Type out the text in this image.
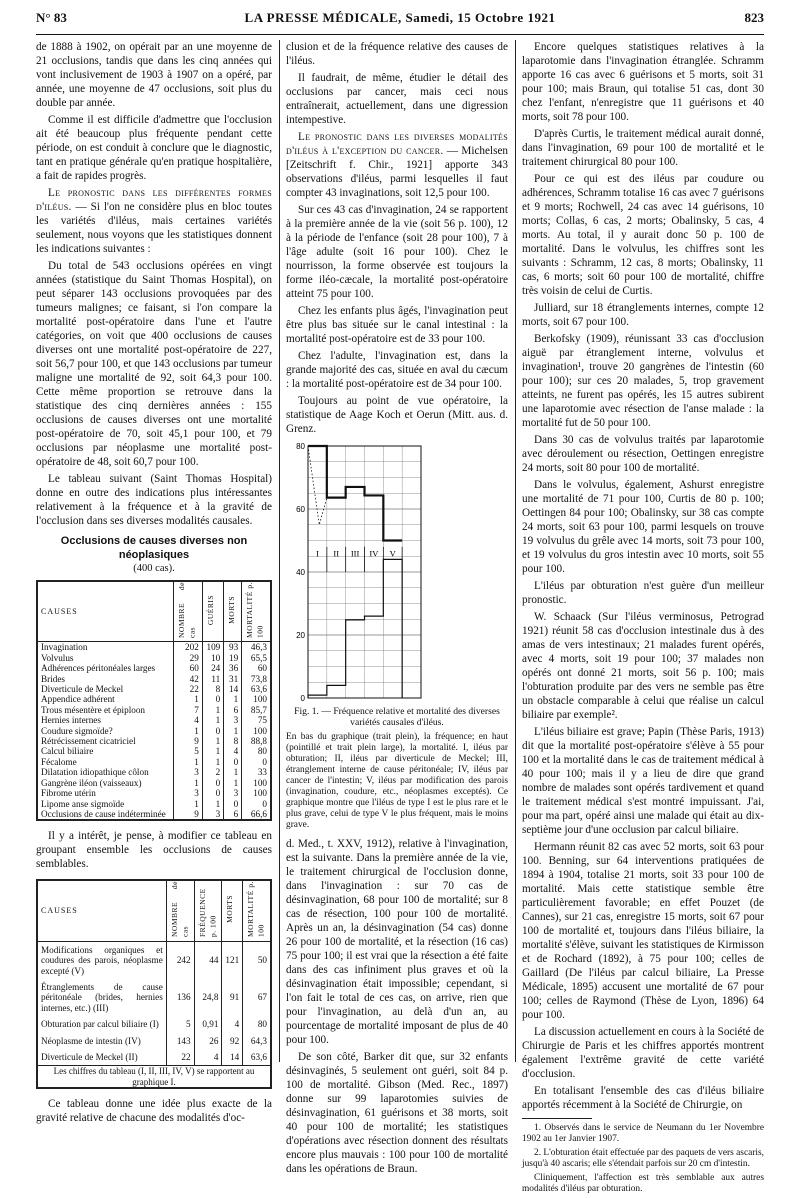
N° 83	LA PRESSE MÉDICALE, Samedi, 15 Octobre 1921	823

de 1888 à 1902, on opérait par an une moyenne de 21 occlusions, tandis que dans les cinq années qui vont inclusivement de 1903 à 1907 on a opéré, par année, une moyenne de 47 occlusions, soit plus du double par année.

Comme il est difficile d'admettre que l'occlusion ait été beaucoup plus fréquente pendant cette période, on est conduit à conclure que le diagnostic, tant en pratique générale qu'en pratique hospitalière, a fait de rapides progrès.

Le pronostic dans les différentes formes d'iléus. — Si l'on ne considère plus en bloc toutes les variétés d'iléus, mais certaines variétés seulement, nous voyons que les statistiques donnent les indications suivantes :

Du total de 543 occlusions opérées en vingt années (statistique du Saint Thomas Hospital), on peut séparer 143 occlusions provoquées par des tumeurs malignes; ce faisant, si l'on compare la mortalité post-opératoire dans l'une et l'autre catégories, on voit que 400 occlusions de causes diverses ont une mortalité post-opératoire de 227, soit 56,7 pour 100, et que 143 occlusions par tumeur maligne une mortalité de 92, soit 64,3 pour 100. Cette même proportion se retrouve dans la statistique des cinq dernières années : 155 occlusions de causes diverses ont une mortalité post-opératoire de 70, soit 45,1 pour 100, et 79 occlusions par néoplasme une mortalité post-opératoire de 48, soit 60,7 pour 100.

Le tableau suivant (Saint Thomas Hospital) donne en outre des indications plus intéressantes relativement à la fréquence et à la gravité de l'occlusion dans ses diverses modalités causales.

Occlusions de causes diverses non néoplasiques
(400 cas).
CAUSES	NOMBRE de cas	GUÉRIS	MORTS	MORTALITÉ p. 100
Invagination	202	109	93	46,3
Volvulus	29	10	19	65,5
Adhérences péritonéales larges	60	24	36	60
Brides	42	11	31	73,8
Diverticule de Meckel	22	8	14	63,6
Appendice adhérent	1	0	1	100
Trous mésentère et épiploon	7	1	6	85,7
Hernies internes	4	1	3	75
Coudure sigmoïde?	1	0	1	100
Rétrécissement cicatriciel	9	1	8	88,8
Calcul biliaire	5	1	4	80
Fécalome	1	1	0	0
Dilatation idiopathique côlon	3	2	1	33
Gangrène iléon (vaisseaux)	1	0	1	100
Fibrome utérin	3	0	3	100
Lipome anse sigmoïde	1	1	0	0
Occlusions de cause indéterminée	9	3	6	66,6

Il y a intérêt, je pense, à modifier ce tableau en groupant ensemble les occlusions de causes semblables.

CAUSES	NOMBRE de cas	FRÉQUENCE p. 100	MORTS	MORTALITÉ p. 100
Modifications organiques et coudures des parois, néoplasme excepté (V)	242	44	121	50
Étranglements de cause péritonéale (brides, hernies internes, etc.) (III)	136	24,8	91	67
Obturation par calcul biliaire (I)	5	0,91	4	80
Néoplasme de intestin (IV)	143	26	92	64,3
Diverticule de Meckel (II)	22	4	14	63,6
Les chiffres du tableau (I, II, III, IV, V) se rapportent au graphique I.				

Ce tableau donne une idée plus exacte de la gravité relative de chacune des modalités d'oc-

clusion et de la fréquence relative des causes de l'iléus.

Il faudrait, de même, étudier le détail des occlusions par cancer, mais ceci nous entraînerait, actuellement, dans une digression intempestive.

Le pronostic dans les diverses modalités d'iléus à l'exception du cancer. — Michelsen [Zeitschrift f. Chir., 1921] apporte 343 observations d'iléus, parmi lesquelles il faut compter 43 invaginations, soit 12,5 pour 100.

Sur ces 43 cas d'invagination, 24 se rapportent à la première année de la vie (soit 56 p. 100), 12 à la période de l'enfance (soit 28 pour 100), 7 à l'âge adulte (soit 16 pour 100). Chez le nourrisson, la forme observée est toujours la forme iléo-cæcale, la mortalité post-opératoire atteint 75 pour 100.

Chez les enfants plus âgés, l'invagination peut être plus bas située sur le canal intestinal : la mortalité post-opératoire est de 33 pour 100.

Chez l'adulte, l'invagination est, dans la grande majorité des cas, située en aval du cæcum : la mortalité post-opératoire est de 34 pour 100.

Toujours au point de vue opératoire, la statistique de Aage Koch et Oerun (Mitt. aus. d. Grenz.

0
20
40
60
80
I II III IV V
Fig. 1. — Fréquence relative et mortalité des diverses variétés causales d'iléus.
En bas du graphique (trait plein), la fréquence; en haut (pointillé et trait plein large), la mortalité. I, iléus par obturation; II, iléus par diverticule de Meckel; III, étranglement interne de cause péritonéale; IV, iléus par cancer de l'intestin; V, iléus par modification des parois (invagination, coudure, etc., néoplasmes exceptés). Ce graphique montre que l'iléus de type I est le plus rare et le plus grave, celui de type V le plus fréquent, mais le moins grave.

d. Med., t. XXV, 1912), relative à l'invagination, est la suivante. Dans la première année de la vie, le traitement chirurgical de l'occlusion donne, dans l'invagination : sur 70 cas de désinvagination, 68 pour 100 de mortalité; sur 8 cas de résection, 100 pour 100 de mortalité. Après un an, la désinvagination (54 cas) donne 26 pour 100 de mortalité, et la résection (16 cas) 75 pour 100; il est vrai que la résection a été faite dans des cas infiniment plus graves et où la désinvagination était impossible; cependant, si l'on fait le total de ces cas, on arrive, rien que pour l'invagination, au delà d'un an, au pourcentage de mortalité imposant de plus de 40 pour 100.

De son côté, Barker dit que, sur 32 enfants désinvaginés, 5 seulement ont guéri, soit 84 p. 100 de mortalité. Gibson (Med. Rec., 1897) donne sur 99 laparotomies suivies de désinvagination, 61 guérisons et 38 morts, soit 40 pour 100 de mortalité; les statistiques d'opérations avec résection donnent des résultats encore plus mauvais : 100 pour 100 de mortalité dans les opérations de Braun.

Encore quelques statistiques relatives à la laparotomie dans l'invagination étranglée. Schramm apporte 16 cas avec 6 guérisons et 5 morts, soit 31 pour 100; mais Braun, qui totalise 51 cas, dont 30 chez l'enfant, n'enregistre que 11 guérisons et 40 morts, soit 78 pour 100.

D'après Curtis, le traitement médical aurait donné, dans l'invagination, 69 pour 100 de mortalité et le traitement chirurgical 80 pour 100.

Pour ce qui est des iléus par coudure ou adhérences, Schramm totalise 16 cas avec 7 guérisons et 9 morts; Rochwell, 24 cas avec 14 guérisons, 10 morts; Collas, 6 cas, 2 morts; Obalinsky, 5 cas, 4 morts. Au total, il y aurait donc 50 p. 100 de mortalité. Dans le volvulus, les chiffres sont les suivants : Schramm, 12 cas, 8 morts; Obalinsky, 11 cas, 6 morts; soit 60 pour 100 de mortalité, chiffre très voisin de celui de Curtis.

Julliard, sur 18 étranglements internes, compte 12 morts, soit 67 pour 100.

Berkofsky (1909), réunissant 33 cas d'occlusion aiguë par étranglement interne, volvulus et invagination¹, trouve 20 gangrènes de l'intestin (60 pour 100); sur ces 20 malades, 5, trop gravement atteints, ne furent pas opérés, les 15 autres subirent une laparotomie avec résection de l'anse malade : la mortalité fut de 50 pour 100.

Dans 30 cas de volvulus traités par laparotomie avec déroulement ou résection, Oettingen enregistre 24 morts, soit 80 pour 100 de mortalité.

Dans le volvulus, également, Ashurst enregistre une mortalité de 71 pour 100, Curtis de 80 p. 100; Oettingen 84 pour 100; Obalinsky, sur 38 cas compte 24 morts, soit 63 pour 100, parmi lesquels on trouve 19 volvulus du grêle avec 14 morts, soit 73 pour 100, et 19 volvulus du gros intestin avec 10 morts, soit 55 pour 100.

L'iléus par obturation n'est guère d'un meilleur pronostic.

W. Schaack (Sur l'iléus verminosus, Petrograd 1921) réunit 58 cas d'occlusion intestinale dus à des amas de vers intestinaux; 21 malades furent opérés, avec 4 morts, soit 19 pour 100; 37 malades non opérés ont donné 21 morts, soit 56 p. 100; mais l'obturation produite par des vers ne semble pas être un obstacle comparable à celui que réalise un calcul biliaire par exemple².

L'iléus biliaire est grave; Papin (Thèse Paris, 1913) dit que la mortalité post-opératoire s'élève à 55 pour 100 et la mortalité dans le cas de traitement médical à 40 pour 100; mais il y a lieu de dire que grand nombre de malades sont opérés tardivement et quand le traitement médical s'est montré impuissant. J'ai, pour ma part, opéré ainsi une malade qui était au dix-septième jour d'une occlusion par calcul biliaire.

Hermann réunit 82 cas avec 52 morts, soit 63 pour 100. Benning, sur 64 interventions pratiquées de 1894 à 1904, totalise 21 morts, soit 33 pour 100 de mortalité. Mais cette statistique semble être particulièrement favorable; en effet Pouzet (de Cannes), sur 21 cas, enregistre 15 morts, soit 67 pour 100 de mortalité et, toujours dans l'iléus biliaire, la mortalité s'élève, suivant les statistiques de Kirmisson et de Rochard (1892), à 75 pour 100; celles de Gaillard (De l'iléus par calcul biliaire, La Presse Médicale, 1895) accusent une mortalité de 67 pour 100; celles de Raymond (Thèse de Lyon, 1896) 64 pour 100.

La discussion actuellement en cours à la Société de Chirurgie de Paris et les chiffres apportés montrent également l'extrême gravité de cette variété d'occlusion.

En totalisant l'ensemble des cas d'iléus biliaire apportés récemment à la Société de Chirurgie, on

1. Observés dans le service de Neumann du 1er Novembre 1902 au 1er Janvier 1907.

2. L'obturation était effectuée par des paquets de vers ascaris, jusqu'à 40 ascaris; elle s'étendait parfois sur 20 cm d'intestin.

Cliniquement, l'affection est très semblable aux autres modalités d'iléus par obturation.
